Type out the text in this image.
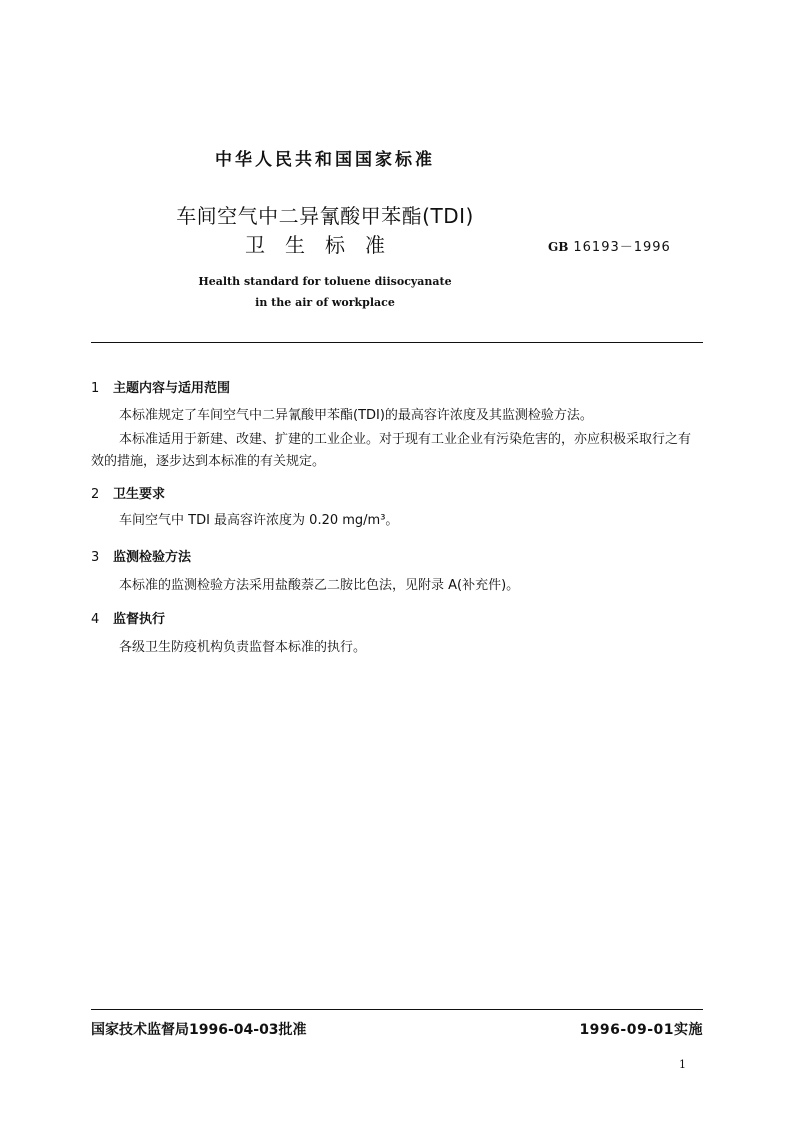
中华人民共和国国家标准
车间空气中二异氰酸甲苯酯(TDI)
卫生标准	GB 16193－1996
Health standard for toluene diisocyanate
in the air of workplace
1 主题内容与适用范围
本标准规定了车间空气中二异氰酸甲苯酯(TDI)的最高容许浓度及其监测检验方法。
本标准适用于新建、改建、扩建的工业企业。对于现有工业企业有污染危害的，亦应积极采取行之有效的措施，逐步达到本标准的有关规定。
2 卫生要求
车间空气中 TDI 最高容许浓度为 0.20 mg/m³。
3 监测检验方法
本标准的监测检验方法采用盐酸萘乙二胺比色法，见附录 A(补充件)。
4 监督执行
各级卫生防疫机构负责监督本标准的执行。
国家技术监督局1996-04-03批准	1996-09-01实施
1
